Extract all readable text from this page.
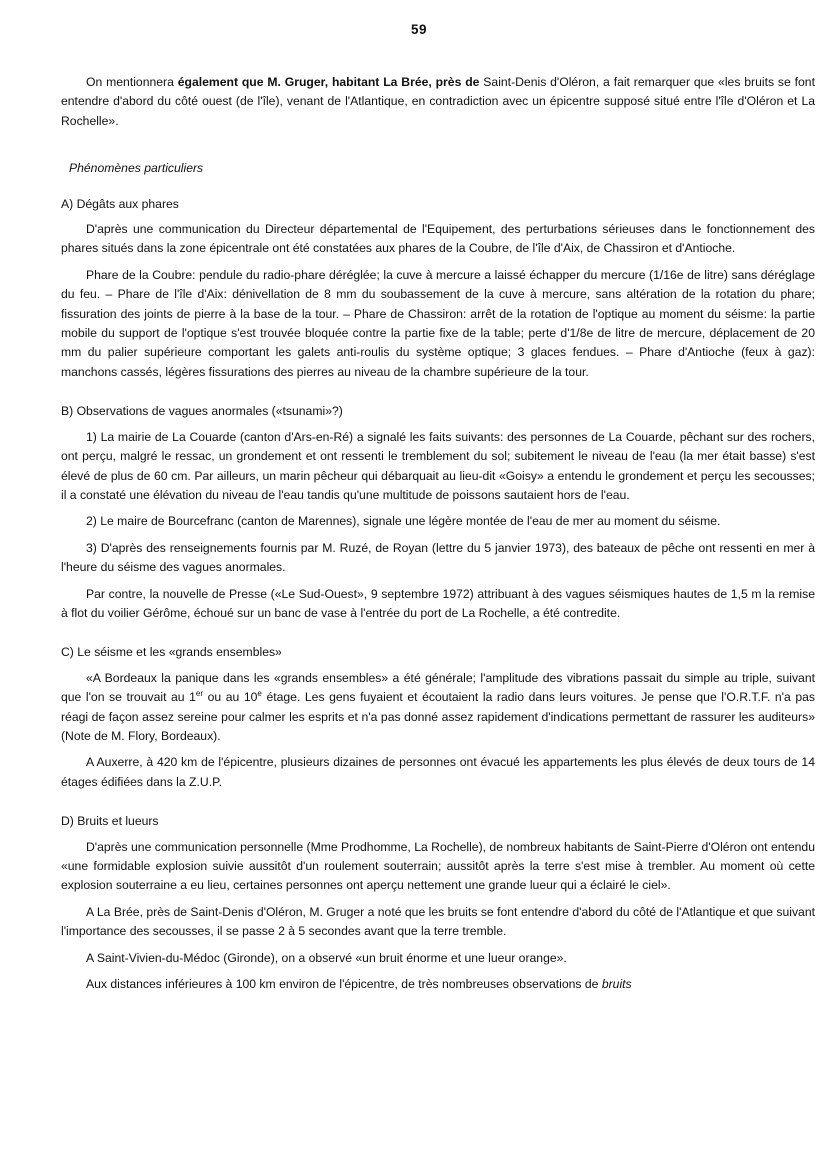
59

On mentionnera également que M. Gruger, habitant La Brée, près de Saint-Denis d'Oléron, a fait remarquer que «les bruits se font entendre d'abord du côté ouest (de l'île), venant de l'Atlantique, en contradiction avec un épicentre supposé situé entre l'île d'Oléron et La Rochelle».

Phénomènes particuliers

A) Dégâts aux phares

D'après une communication du Directeur départemental de l'Equipement, des perturbations sérieuses dans le fonctionnement des phares situés dans la zone épicentrale ont été constatées aux phares de la Coubre, de l'île d'Aix, de Chassiron et d'Antioche.

Phare de la Coubre: pendule du radio-phare déréglée; la cuve à mercure a laissé échapper du mercure (1/16e de litre) sans déréglage du feu. – Phare de l'île d'Aix: dénivellation de 8 mm du soubassement de la cuve à mercure, sans altération de la rotation du phare; fissuration des joints de pierre à la base de la tour. – Phare de Chassiron: arrêt de la rotation de l'optique au moment du séisme: la partie mobile du support de l'optique s'est trouvée bloquée contre la partie fixe de la table; perte d'1/8e de litre de mercure, déplacement de 20 mm du palier supérieure comportant les galets anti-roulis du système optique; 3 glaces fendues. – Phare d'Antioche (feux à gaz): manchons cassés, légères fissurations des pierres au niveau de la chambre supérieure de la tour.

B) Observations de vagues anormales («tsunami»?)

1) La mairie de La Couarde (canton d'Ars-en-Ré) a signalé les faits suivants: des personnes de La Couarde, pêchant sur des rochers, ont perçu, malgré le ressac, un grondement et ont ressenti le tremblement du sol; subitement le niveau de l'eau (la mer était basse) s'est élevé de plus de 60 cm. Par ailleurs, un marin pêcheur qui débarquait au lieu-dit «Goisy» a entendu le grondement et perçu les secousses; il a constaté une élévation du niveau de l'eau tandis qu'une multitude de poissons sautaient hors de l'eau.

2) Le maire de Bourcefranc (canton de Marennes), signale une légère montée de l'eau de mer au moment du séisme.

3) D'après des renseignements fournis par M. Ruzé, de Royan (lettre du 5 janvier 1973), des bateaux de pêche ont ressenti en mer à l'heure du séisme des vagues anormales.

Par contre, la nouvelle de Presse («Le Sud-Ouest», 9 septembre 1972) attribuant à des vagues séismiques hautes de 1,5 m la remise à flot du voilier Gérôme, échoué sur un banc de vase à l'entrée du port de La Rochelle, a été contredite.

C) Le séisme et les «grands ensembles»

«A Bordeaux la panique dans les «grands ensembles» a été générale; l'amplitude des vibrations passait du simple au triple, suivant que l'on se trouvait au 1er ou au 10e étage. Les gens fuyaient et écoutaient la radio dans leurs voitures. Je pense que l'O.R.T.F. n'a pas réagi de façon assez sereine pour calmer les esprits et n'a pas donné assez rapidement d'indications permettant de rassurer les auditeurs» (Note de M. Flory, Bordeaux).

A Auxerre, à 420 km de l'épicentre, plusieurs dizaines de personnes ont évacué les appartements les plus élevés de deux tours de 14 étages édifiées dans la Z.U.P.

D) Bruits et lueurs

D'après une communication personnelle (Mme Prodhomme, La Rochelle), de nombreux habitants de Saint-Pierre d'Oléron ont entendu «une formidable explosion suivie aussitôt d'un roulement souterrain; aussitôt après la terre s'est mise à trembler. Au moment où cette explosion souterraine a eu lieu, certaines personnes ont aperçu nettement une grande lueur qui a éclairé le ciel».

A La Brée, près de Saint-Denis d'Oléron, M. Gruger a noté que les bruits se font entendre d'abord du côté de l'Atlantique et que suivant l'importance des secousses, il se passe 2 à 5 secondes avant que la terre tremble.

A Saint-Vivien-du-Médoc (Gironde), on a observé «un bruit énorme et une lueur orange».

Aux distances inférieures à 100 km environ de l'épicentre, de très nombreuses observations de bruits
